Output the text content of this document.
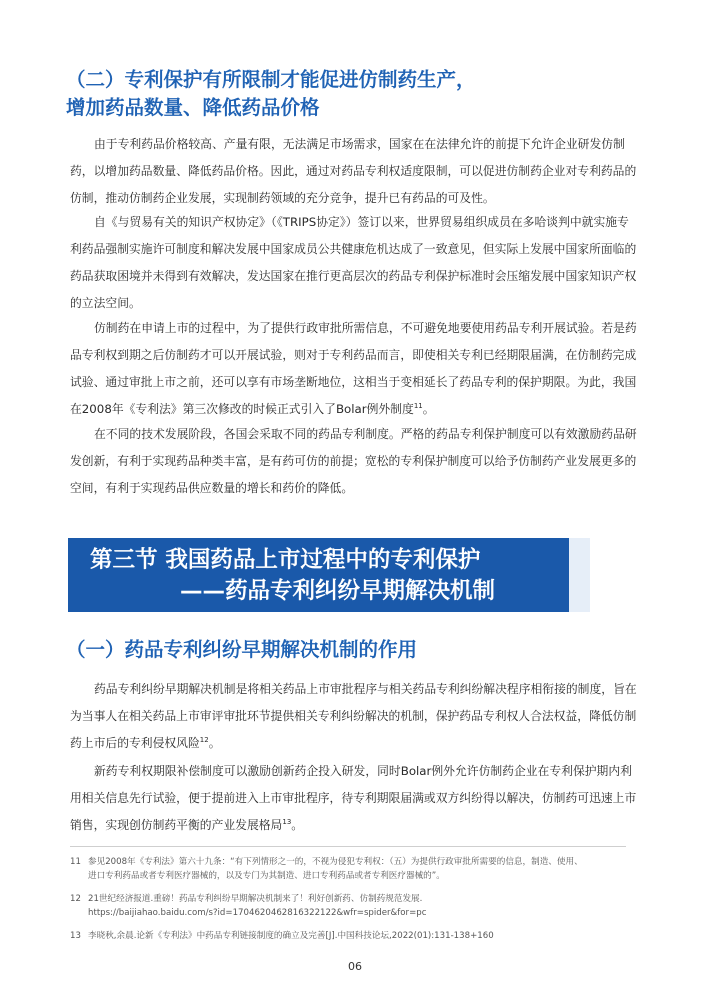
（二）专利保护有所限制才能促进仿制药生产，
增加药品数量、降低药品价格

由于专利药品价格较高、产量有限，无法满足市场需求，国家在在法律允许的前提下允许企业研发仿制
药，以增加药品数量、降低药品价格。因此，通过对药品专利权适度限制，可以促进仿制药企业对专利药品的
仿制，推动仿制药企业发展，实现制药领域的充分竞争，提升已有药品的可及性。

自《与贸易有关的知识产权协定》（《TRIPS协定》）签订以来，世界贸易组织成员在多哈谈判中就实施专
利药品强制实施许可制度和解决发展中国家成员公共健康危机达成了一致意见，但实际上发展中国家所面临的
药品获取困境并未得到有效解决，发达国家在推行更高层次的药品专利保护标准时会压缩发展中国家知识产权
的立法空间。

仿制药在申请上市的过程中，为了提供行政审批所需信息，不可避免地要使用药品专利开展试验。若是药
品专利权到期之后仿制药才可以开展试验，则对于专利药品而言，即使相关专利已经期限届满，在仿制药完成
试验、通过审批上市之前，还可以享有市场垄断地位，这相当于变相延长了药品专利的保护期限。为此，我国
在2008年《专利法》第三次修改的时候正式引入了Bolar例外制度$^{11}$。

在不同的技术发展阶段，各国会采取不同的药品专利制度。严格的药品专利保护制度可以有效激励药品研
发创新，有利于实现药品种类丰富，是有药可仿的前提；宽松的专利保护制度可以给予仿制药产业发展更多的
空间，有利于实现药品供应数量的增长和药价的降低。

第三节 我国药品上市过程中的专利保护
——药品专利纠纷早期解决机制
（一）药品专利纠纷早期解决机制的作用

药品专利纠纷早期解决机制是将相关药品上市审批程序与相关药品专利纠纷解决程序相衔接的制度，旨在
为当事人在相关药品上市审评审批环节提供相关专利纠纷解决的机制，保护药品专利权人合法权益，降低仿制
药上市后的专利侵权风险$^{12}$。

新药专利权期限补偿制度可以激励创新药企投入研发，同时Bolar例外允许仿制药企业在专利保护期内利
用相关信息先行试验，便于提前进入上市审批程序，待专利期限届满或双方纠纷得以解决，仿制药可迅速上市
销售，实现创仿制药平衡的产业发展格局$^{13}$。

11 参见2008年《专利法》第六十九条：“有下列情形之一的，不视为侵犯专利权：（五）为提供行政审批所需要的信息，制造、使用、
进口专利药品或者专利医疗器械的，以及专门为其制造、进口专利药品或者专利医疗器械的”。
12 21世纪经济报道.重磅！药品专利纠纷早期解决机制来了！利好创新药、仿制药规范发展.
https://baijiahao.baidu.com/s?id=1704620462816322122&wfr=spider&for=pc
13 李晓秋,余晨.论新《专利法》中药品专利链接制度的确立及完善[J].中国科技论坛,2022(01):131-138+160
06
